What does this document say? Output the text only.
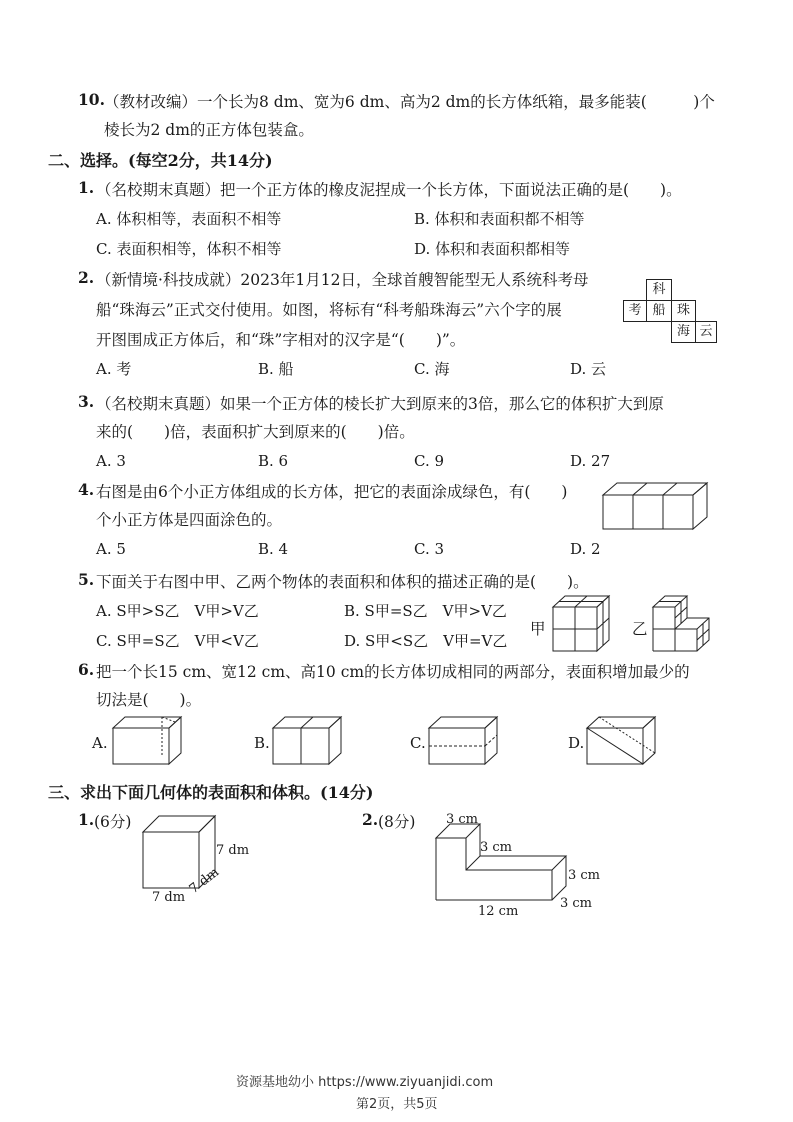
10. （教材改编）一个长为8 dm、宽为6 dm、高为2 dm的长方体纸箱，最多能装(　　　)个
棱长为2 dm的正方体包装盒。
二、选择。(每空2分，共14分)
1. （名校期末真题）把一个正方体的橡皮泥捏成一个长方体，下面说法正确的是(　　)。
A. 体积相等，表面积不相等	B. 体积和表面积都不相等
C. 表面积相等，体积不相等	D. 体积和表面积都相等
2. （新情境·科技成就）2023年1月12日，全球首艘智能型无人系统科考母
船“珠海云”正式交付使用。如图，将标有“科考船珠海云”六个字的展
开图围成正方体后，和“珠”字相对的汉字是“(　　)”。
科
考 船 珠
海 云
A. 考	B. 船	C. 海	D. 云
3. （名校期末真题）如果一个正方体的棱长扩大到原来的3倍，那么它的体积扩大到原
来的(　　)倍，表面积扩大到原来的(　　)倍。
A. 3	B. 6	C. 9	D. 27
4. 右图是由6个小正方体组成的长方体，把它的表面涂成绿色，有(　　)
个小正方体是四面涂色的。
A. 5	B. 4	C. 3	D. 2
5. 下面关于右图中甲、乙两个物体的表面积和体积的描述正确的是(　　)。
A. S甲>S乙　V甲>V乙	B. S甲=S乙　V甲>V乙
C. S甲=S乙　V甲<V乙	D. S甲<S乙　V甲=V乙
甲	乙
6. 把一个长15 cm、宽12 cm、高10 cm的长方体切成相同的两部分，表面积增加最少的
切法是(　　)。
A.	B.	C.	D.
三、求出下面几何体的表面积和体积。(14分)
1. (6分)
7 dm
7 dm
7 dm
2. (8分) 3 cm
3 cm
3 cm
3 cm
12 cm
资源基地幼小 https://www.ziyuanjidi.com
第2页，共5页
